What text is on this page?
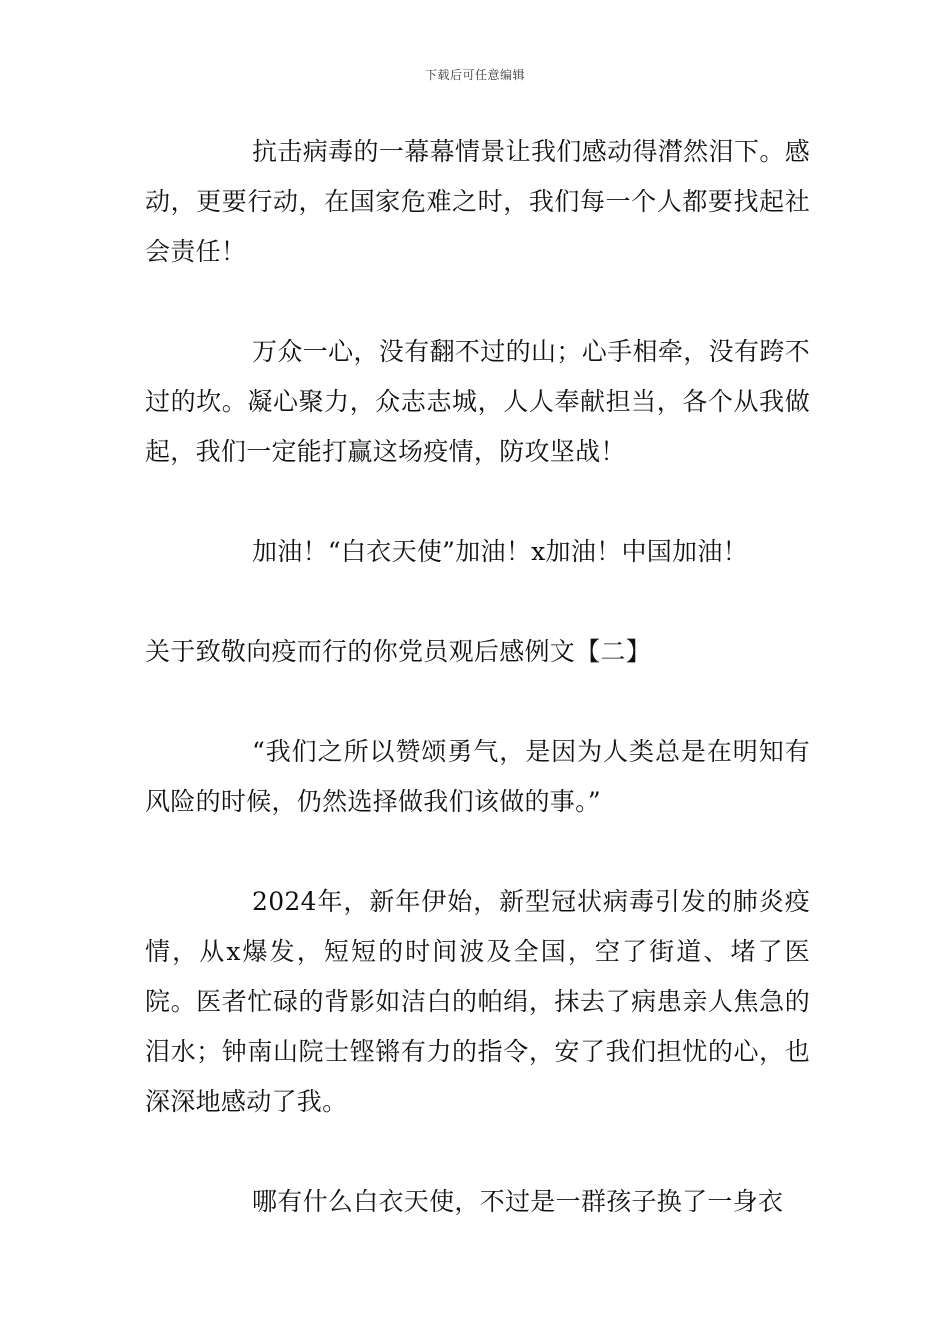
下载后可任意编辑

抗击病毒的一幕幕情景让我们感动得潸然泪下。感动，更要行动，在国家危难之时，我们每一个人都要找起社会责任！

万众一心，没有翻不过的山；心手相牵，没有跨不过的坎。凝心聚力，众志志城，人人奉献担当，各个从我做起，我们一定能打赢这场疫情，防攻坚战！

加油！“白衣天使”加油！x加油！中国加油！

关于致敬向疫而行的你党员观后感例文【二】

“我们之所以赞颂勇气，是因为人类总是在明知有风险的时候，仍然选择做我们该做的事。”

2024年，新年伊始，新型冠状病毒引发的肺炎疫情，从x爆发，短短的时间波及全国，空了街道、堵了医院。医者忙碌的背影如洁白的帕绢，抹去了病患亲人焦急的泪水；钟南山院士铿锵有力的指令，安了我们担忧的心，也深深地感动了我。

哪有什么白衣天使，不过是一群孩子换了一身衣
